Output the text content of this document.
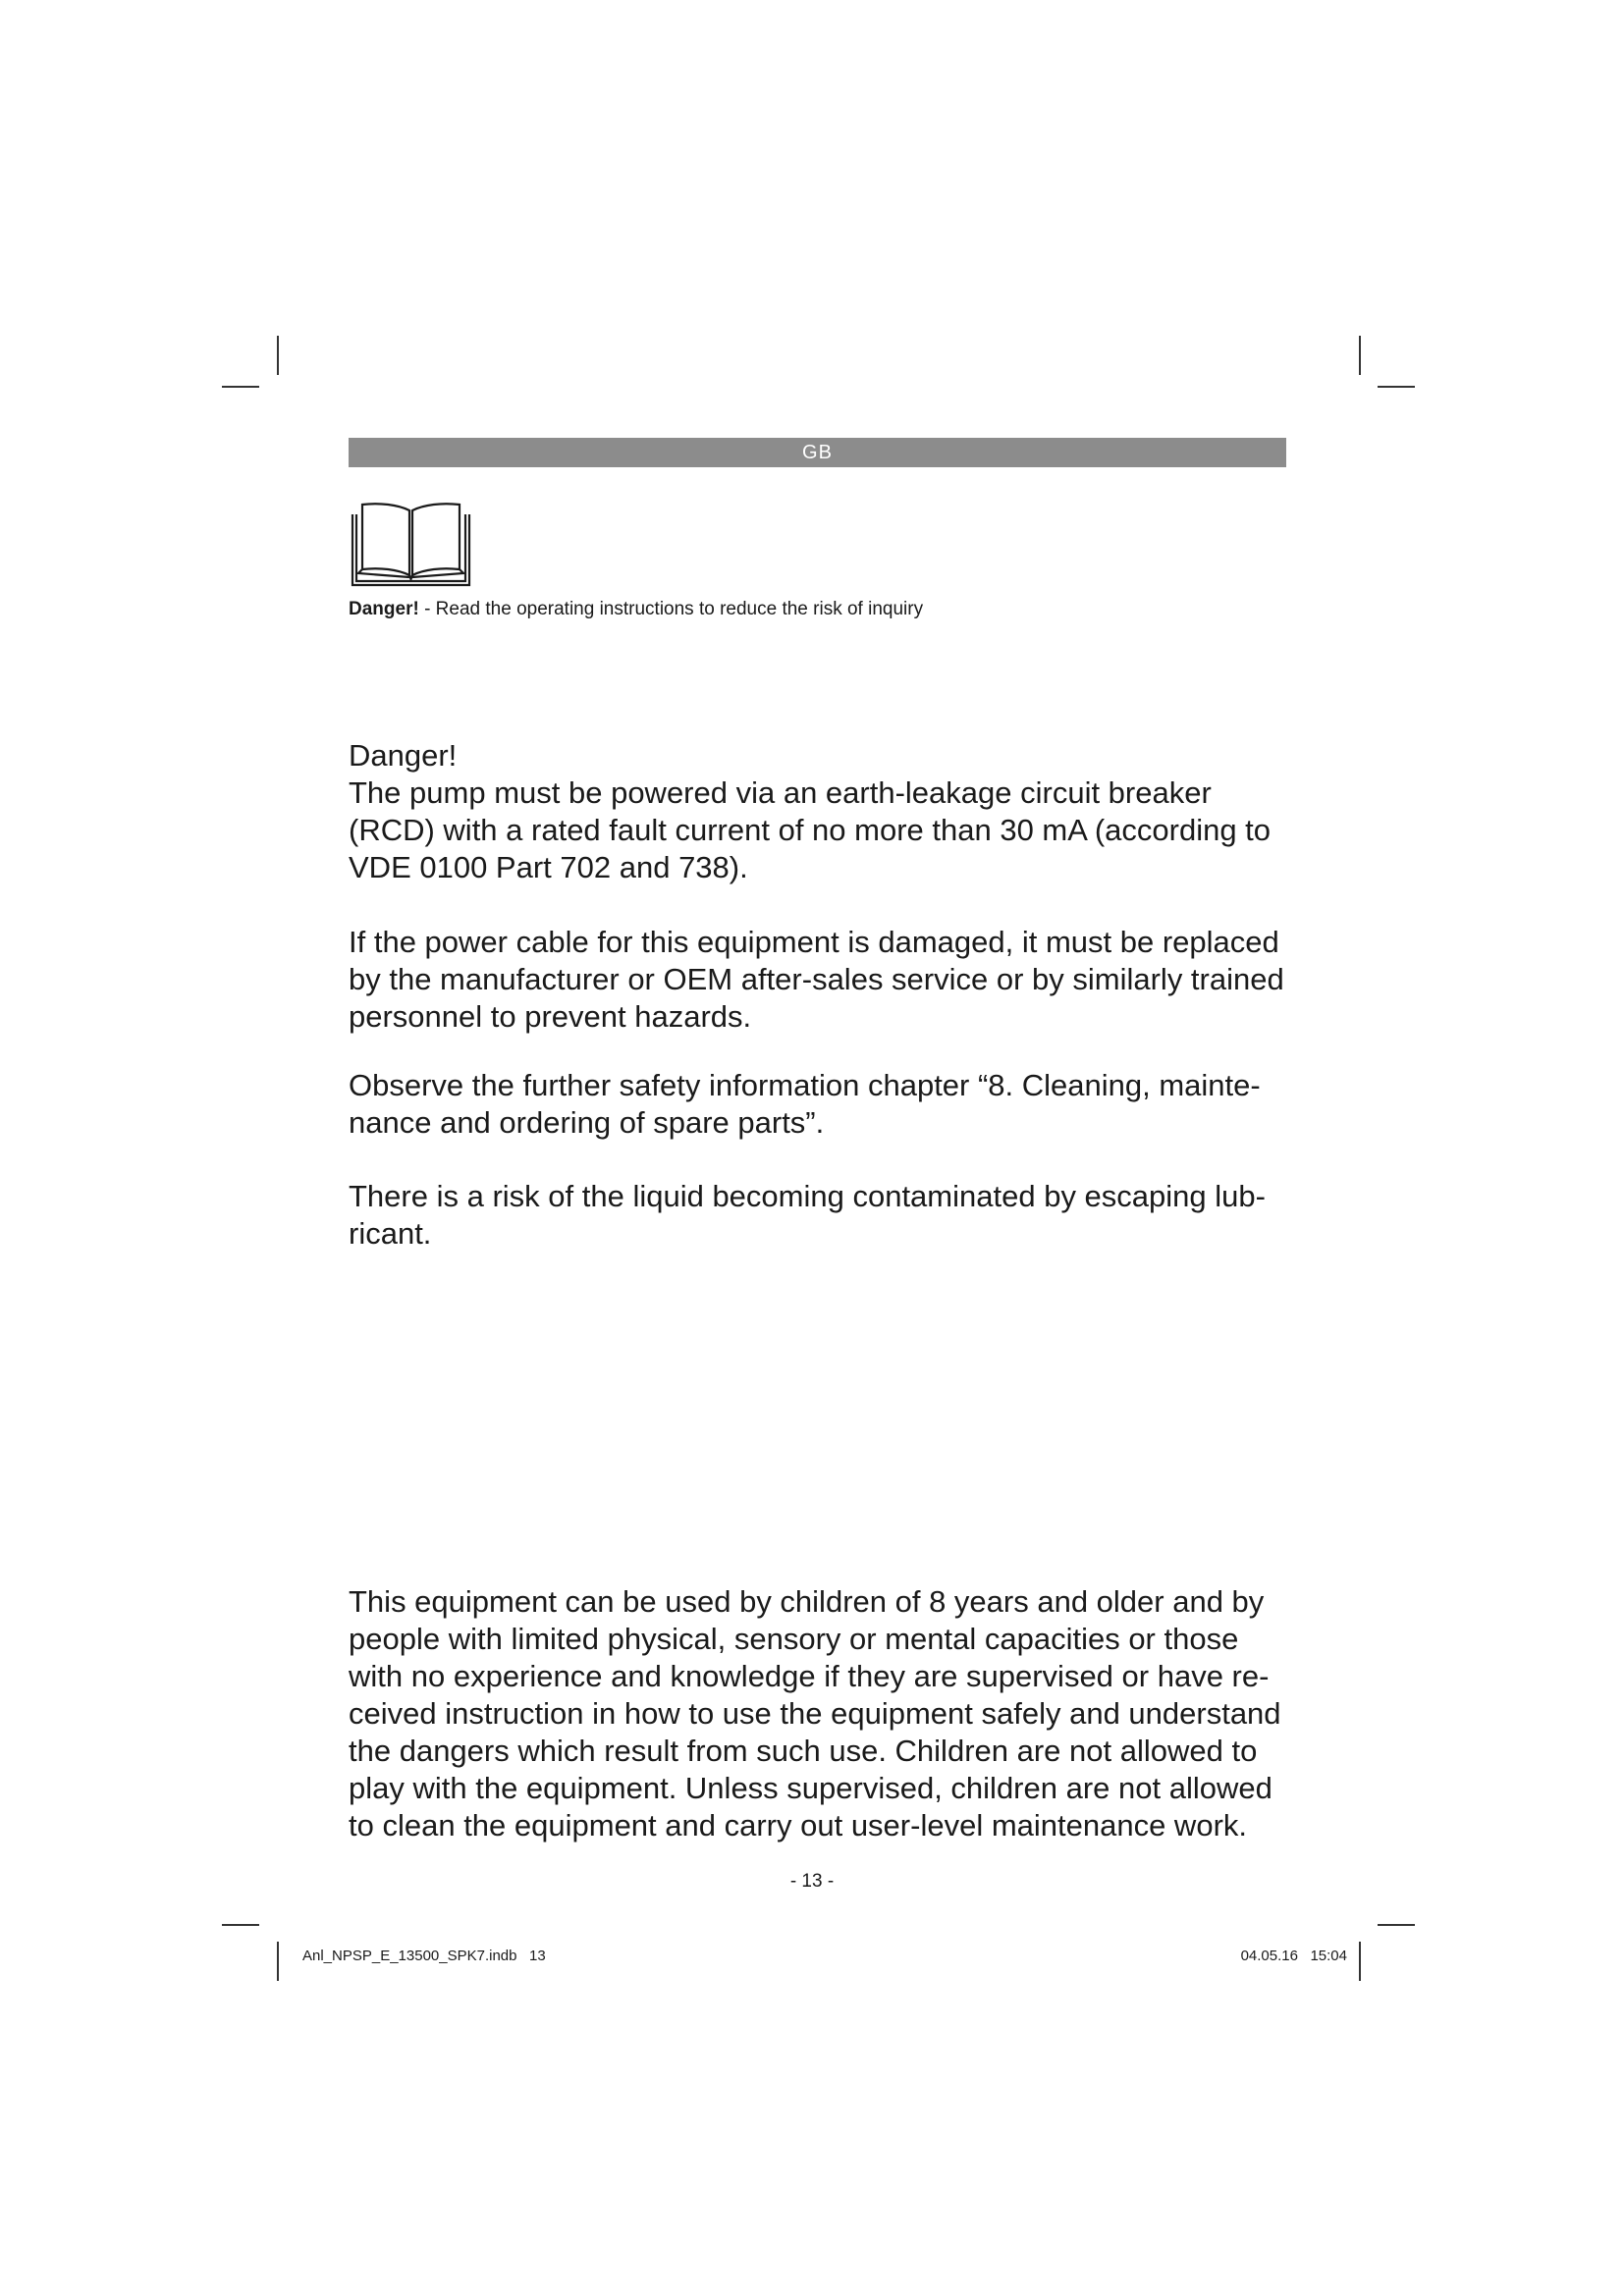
GB
Danger! - Read the operating instructions to reduce the risk of inquiry

Danger!

The pump must be powered via an earth-leakage circuit breaker (RCD) with a rated fault current of no more than 30 mA (according to VDE 0100 Part 702 and 738).

If the power cable for this equipment is damaged, it must be replaced by the manufacturer or OEM after-sales service or by similarly trained personnel to prevent hazards.

Observe the further safety information chapter “8. Cleaning, mainte-nance and ordering of spare parts”.

There is a risk of the liquid becoming contaminated by escaping lub-ricant.

This equipment can be used by children of 8 years and older and by people with limited physical, sensory or mental capacities or those with no experience and knowledge if they are supervised or have re-ceived instruction in how to use the equipment safely and understand the dangers which result from such use. Children are not allowed to play with the equipment. Unless supervised, children are not allowed to clean the equipment and carry out user-level maintenance work.

- 13 -
Anl_NPSP_E_13500_SPK7.indb   13	04.05.16   15:04
